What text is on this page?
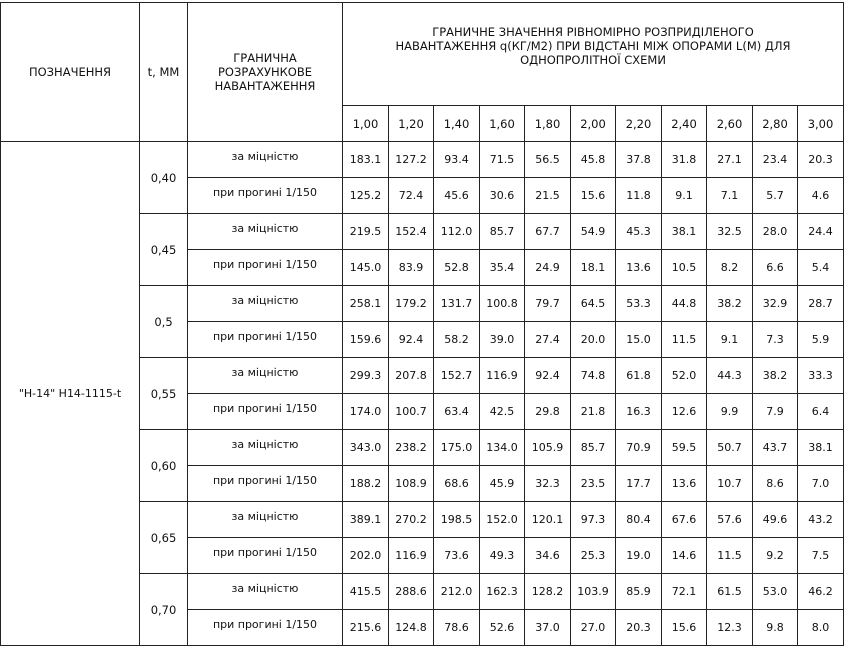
ПОЗНАЧЕННЯ	t, ММ	ГРАНИЧНА РОЗРАХУНКОВЕ НАВАНТАЖЕННЯ	ГРАНИЧНЕ ЗНАЧЕННЯ РІВНОМІРНО РОЗПРИДІЛЕНОГО НАВАНТАЖЕННЯ q(КГ/М2) ПРИ ВІДСТАНІ МІЖ ОПОРАМИ L(М) ДЛЯ ОДНОПРОЛІТНОЇ СХЕМИ										
			1,00	1,20	1,40	1,60	1,80	2,00	2,20	2,40	2,60	2,80	3,00
"Н-14" Н14-1115-t	0,40	за міцністю	183.1	127.2	93.4	71.5	56.5	45.8	37.8	31.8	27.1	23.4	20.3
		при прогині 1/150	125.2	72.4	45.6	30.6	21.5	15.6	11.8	9.1	7.1	5.7	4.6
	0,45	за міцністю	219.5	152.4	112.0	85.7	67.7	54.9	45.3	38.1	32.5	28.0	24.4
		при прогині 1/150	145.0	83.9	52.8	35.4	24.9	18.1	13.6	10.5	8.2	6.6	5.4
	0,5	за міцністю	258.1	179.2	131.7	100.8	79.7	64.5	53.3	44.8	38.2	32.9	28.7
		при прогині 1/150	159.6	92.4	58.2	39.0	27.4	20.0	15.0	11.5	9.1	7.3	5.9
	0,55	за міцністю	299.3	207.8	152.7	116.9	92.4	74.8	61.8	52.0	44.3	38.2	33.3
		при прогині 1/150	174.0	100.7	63.4	42.5	29.8	21.8	16.3	12.6	9.9	7.9	6.4
	0,60	за міцністю	343.0	238.2	175.0	134.0	105.9	85.7	70.9	59.5	50.7	43.7	38.1
		при прогині 1/150	188.2	108.9	68.6	45.9	32.3	23.5	17.7	13.6	10.7	8.6	7.0
	0,65	за міцністю	389.1	270.2	198.5	152.0	120.1	97.3	80.4	67.6	57.6	49.6	43.2
		при прогині 1/150	202.0	116.9	73.6	49.3	34.6	25.3	19.0	14.6	11.5	9.2	7.5
	0,70	за міцністю	415.5	288.6	212.0	162.3	128.2	103.9	85.9	72.1	61.5	53.0	46.2
		при прогині 1/150	215.6	124.8	78.6	52.6	37.0	27.0	20.3	15.6	12.3	9.8	8.0
